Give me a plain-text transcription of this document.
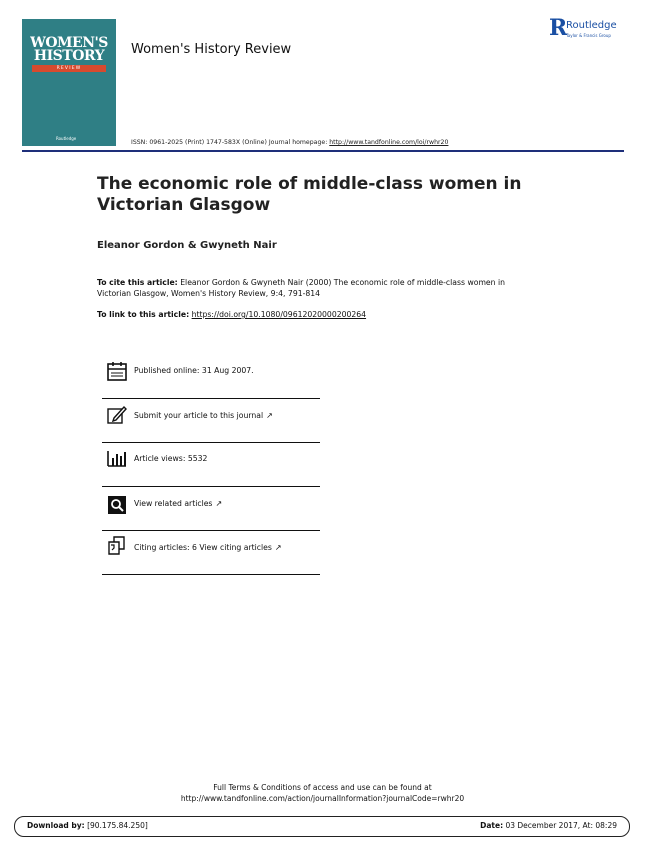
WOMEN'S
HISTORY
REVIEW
Routledge
Women's History Review
R
Routledge
Taylor & Francis Group
ISSN: 0961-2025 (Print) 1747-583X (Online) Journal homepage: http://www.tandfonline.com/loi/rwhr20
The economic role of middle-class women in Victorian Glasgow
Eleanor Gordon & Gwyneth Nair
To cite this article: Eleanor Gordon & Gwyneth Nair (2000) The economic role of middle-class women in Victorian Glasgow, Women's History Review, 9:4, 791-814
To link to this article: https://doi.org/10.1080/09612020000200264
Published online: 31 Aug 2007.
Submit your article to this journal ↗
Article views: 5532
View related articles ↗
Citing articles: 6 View citing articles ↗
Full Terms & Conditions of access and use can be found at
http://www.tandfonline.com/action/journalInformation?journalCode=rwhr20
Download by: [90.175.84.250]	Date: 03 December 2017, At: 08:29
